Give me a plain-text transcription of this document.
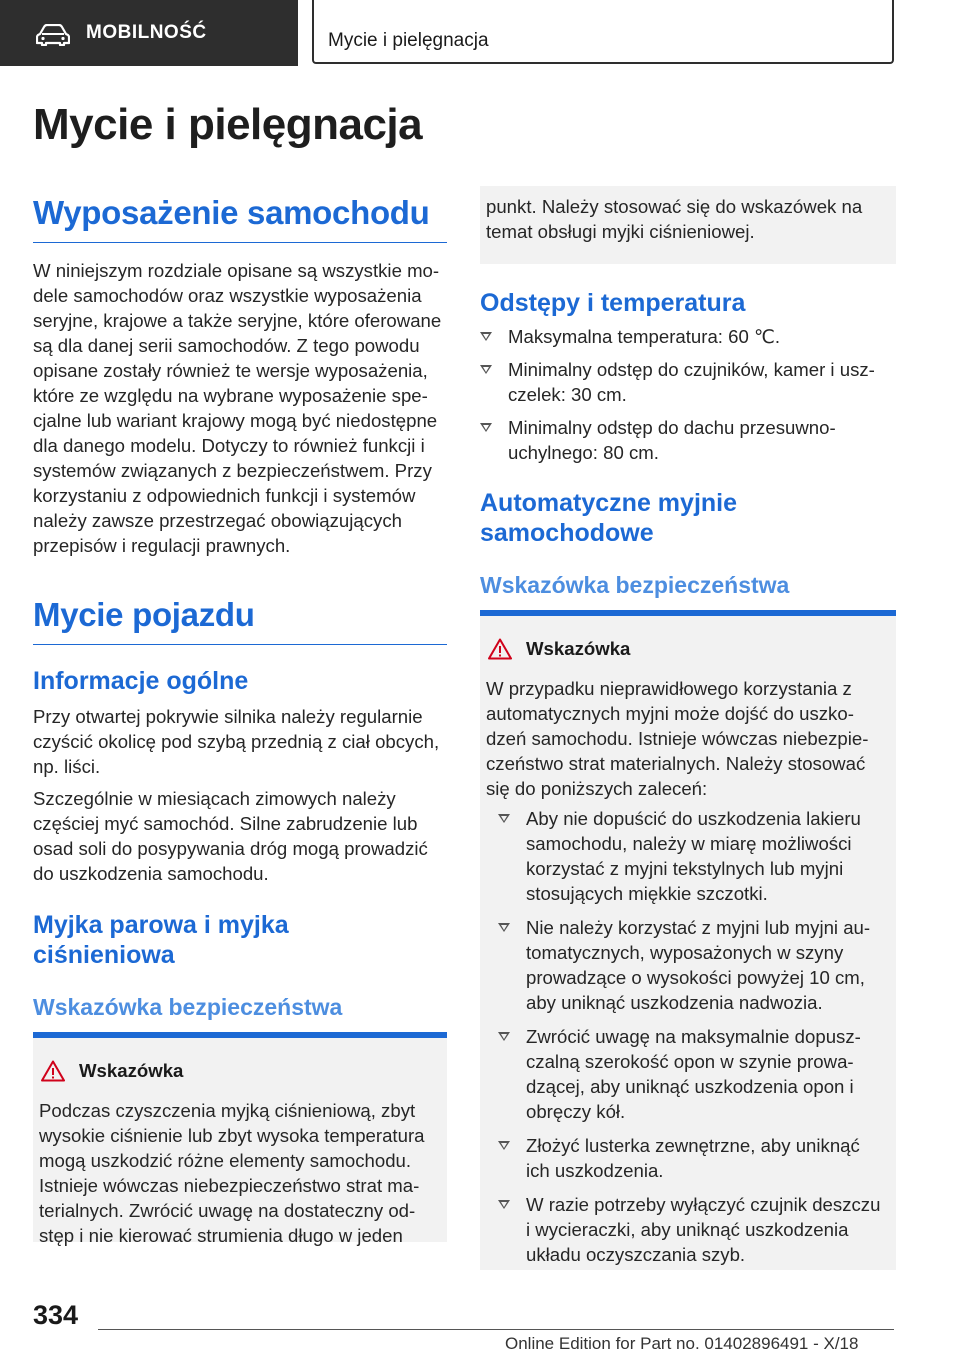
MOBILNOŚĆ	Mycie i pielęgnacja
Mycie i pielęgnacja
Wyposażenie samochodu

W niniejszym rozdziale opisane są wszystkie modele samochodów oraz wszystkie wyposażenia seryjne, krajowe a także seryjne, które oferowane są dla danej serii samochodów. Z tego powodu opisane zostały również te wersje wyposażenia, które ze względu na wybrane wyposażenie specjalne lub wariant krajowy mogą być niedostępne dla danego modelu. Dotyczy to również funkcji i systemów związanych z bezpieczeństwem. Przy korzystaniu z odpowiednich funkcji i systemów należy zawsze przestrzegać obowiązujących przepisów i regulacji prawnych.

Mycie pojazdu
Informacje ogólne

Przy otwartej pokrywie silnika należy regularnie czyścić okolicę pod szybą przednią z ciał obcych, np. liści.

Szczególnie w miesiącach zimowych należy częściej myć samochód. Silne zabrudzenie lub osad soli do posypywania dróg mogą prowadzić do uszkodzenia samochodu.

Myjka parowa i myjka ciśnieniowa
Wskazówka bezpieczeństwa
Wskazówka
Podczas czyszczenia myjką ciśnieniową, zbyt wysokie ciśnienie lub zbyt wysoka temperatura mogą uszkodzić różne elementy samochodu. Istnieje wówczas niebezpieczeństwo strat materialnych. Zwrócić uwagę na dostateczny odstęp i nie kierować strumienia długo w jeden
punkt. Należy stosować się do wskazówek na temat obsługi myjki ciśnieniowej.
Odstępy i temperatura
Maksymalna temperatura: 60 ℃.
Minimalny odstęp do czujników, kamer i uszczelek: 30 cm.
Minimalny odstęp do dachu przesuwno-uchylnego: 80 cm.
Automatyczne myjnie samochodowe
Wskazówka bezpieczeństwa
Wskazówka
W przypadku nieprawidłowego korzystania z automatycznych myjni może dojść do uszkodzeń samochodu. Istnieje wówczas niebezpieczeństwo strat materialnych. Należy stosować się do poniższych zaleceń:
Aby nie dopuścić do uszkodzenia lakieru samochodu, należy w miarę możliwości korzystać z myjni tekstylnych lub myjni stosujących miękkie szczotki.
Nie należy korzystać z myjni lub myjni automatycznych, wyposażonych w szyny prowadzące o wysokości powyżej 10 cm, aby uniknąć uszkodzenia nadwozia.
Zwrócić uwagę na maksymalnie dopuszczalną szerokość opon w szynie prowadzącej, aby uniknąć uszkodzenia opon i obręczy kół.
Złożyć lusterka zewnętrzne, aby uniknąć ich uszkodzenia.
W razie potrzeby wyłączyć czujnik deszczu i wycieraczki, aby uniknąć uszkodzenia układu oczyszczania szyb.
334
Online Edition for Part no. 01402896491 - X/18
